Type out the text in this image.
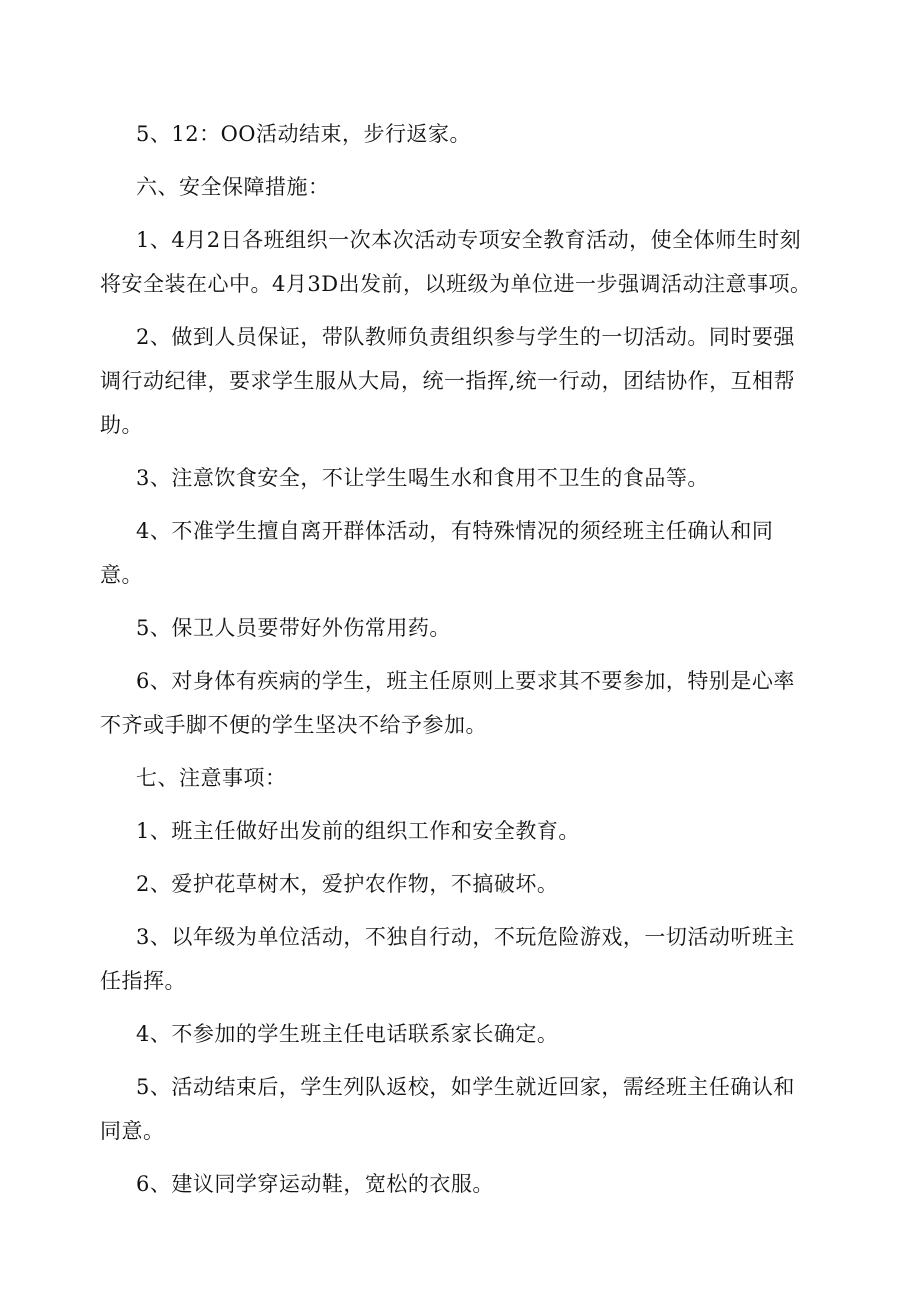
5、12：OO活动结束，步行返家。

六、安全保障措施：

1、4月2日各班组织一次本次活动专项安全教育活动，使全体师生时刻将安全装在心中。4月3D出发前，以班级为单位进一步强调活动注意事项。

2、做到人员保证，带队教师负责组织参与学生的一切活动。同时要强调行动纪律，要求学生服从大局，统一指挥,统一行动，团结协作，互相帮助。

3、注意饮食安全，不让学生喝生水和食用不卫生的食品等。

4、不准学生擅自离开群体活动，有特殊情况的须经班主任确认和同意。

5、保卫人员要带好外伤常用药。

6、对身体有疾病的学生，班主任原则上要求其不要参加，特别是心率不齐或手脚不便的学生坚决不给予参加。

七、注意事项：

1、班主任做好出发前的组织工作和安全教育。

2、爱护花草树木，爱护农作物，不搞破坏。

3、以年级为单位活动，不独自行动，不玩危险游戏，一切活动听班主任指挥。

4、不参加的学生班主任电话联系家长确定。

5、活动结束后，学生列队返校，如学生就近回家，需经班主任确认和同意。

6、建议同学穿运动鞋，宽松的衣服。
